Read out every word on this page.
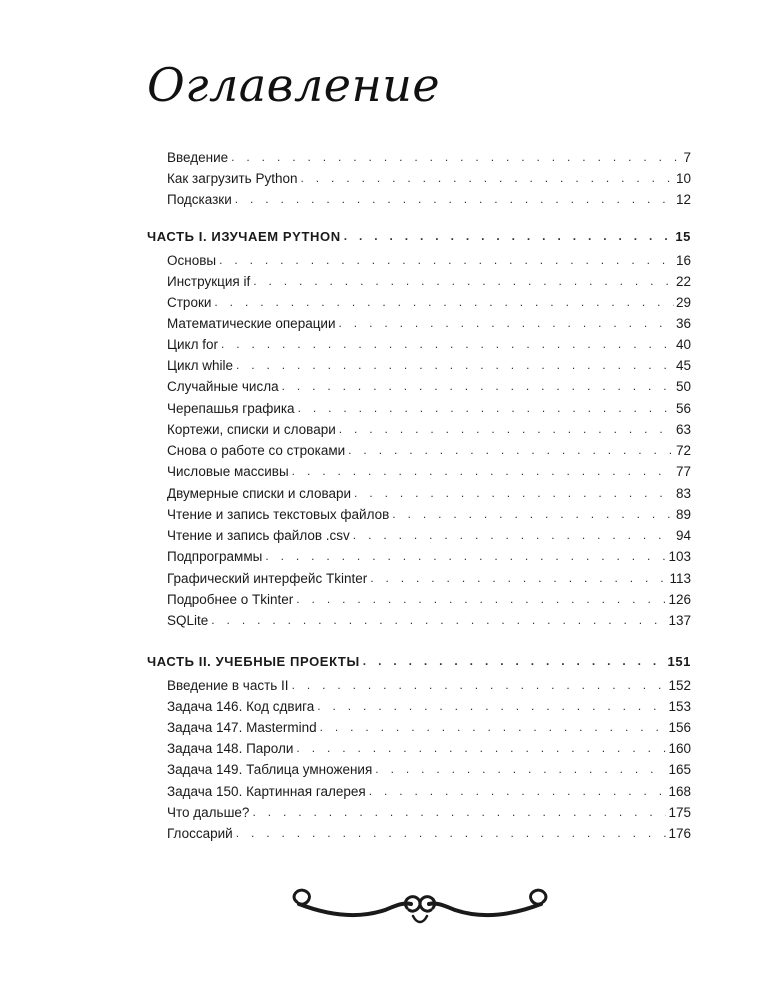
Оглавление
Введение . . .	7
Как загрузить Python . . .	10
Подсказки . . .	12
ЧАСТЬ I. ИЗУЧАЕМ PYTHON . . .	15
Основы . . .	16
Инструкция if . . .	22
Строки . . .	29
Математические операции . . .	36
Цикл for . . .	40
Цикл while . . .	45
Случайные числа . . .	50
Черепашья графика . . .	56
Кортежи, списки и словари . . .	63
Снова о работе со строками . . .	72
Числовые массивы . . .	77
Двумерные списки и словари . . .	83
Чтение и запись текстовых файлов . . .	89
Чтение и запись файлов .csv . . .	94
Подпрограммы . . .	103
Графический интерфейс Tkinter . . .	113
Подробнее о Tkinter . . .	126
SQLite . . .	137
ЧАСТЬ II. УЧЕБНЫЕ ПРОЕКТЫ . . .	151
Введение в часть II . . .	152
Задача 146. Код сдвига . . .	153
Задача 147. Mastermind . . .	156
Задача 148. Пароли . . .	160
Задача 149. Таблица умножения . . .	165
Задача 150. Картинная галерея . . .	168
Что дальше? . . .	175
Глоссарий . . .	176
